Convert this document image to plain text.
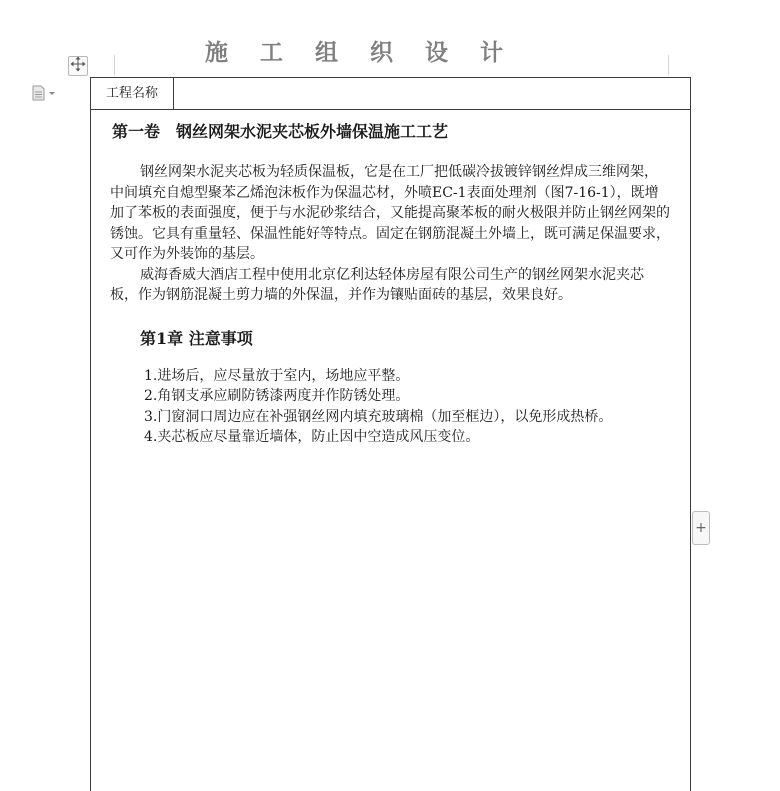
施 工 组 织 设 计
工程名称
第一卷　钢丝网架水泥夹芯板外墙保温施工工艺

钢丝网架水泥夹芯板为轻质保温板，它是在工厂把低碳冷拔镀锌钢丝焊成三维网架，中间填充自熄型聚苯乙烯泡沫板作为保温芯材，外喷EC-1表面处理剂（图7-16-1），既增加了苯板的表面强度，便于与水泥砂浆结合，又能提高聚苯板的耐火极限并防止钢丝网架的锈蚀。它具有重量轻、保温性能好等特点。固定在钢筋混凝土外墙上，既可满足保温要求，又可作为外装饰的基层。

威海香威大酒店工程中使用北京亿利达轻体房屋有限公司生产的钢丝网架水泥夹芯板，作为钢筋混凝土剪力墙的外保温，并作为镶贴面砖的基层，效果良好。

第1章 注意事项

1.进场后，应尽量放于室内，场地应平整。

2.角钢支承应刷防锈漆两度并作防锈处理。

3.门窗洞口周边应在补强钢丝网内填充玻璃棉（加至框边），以免形成热桥。

4.夹芯板应尽量靠近墙体，防止因中空造成风压变位。

+
